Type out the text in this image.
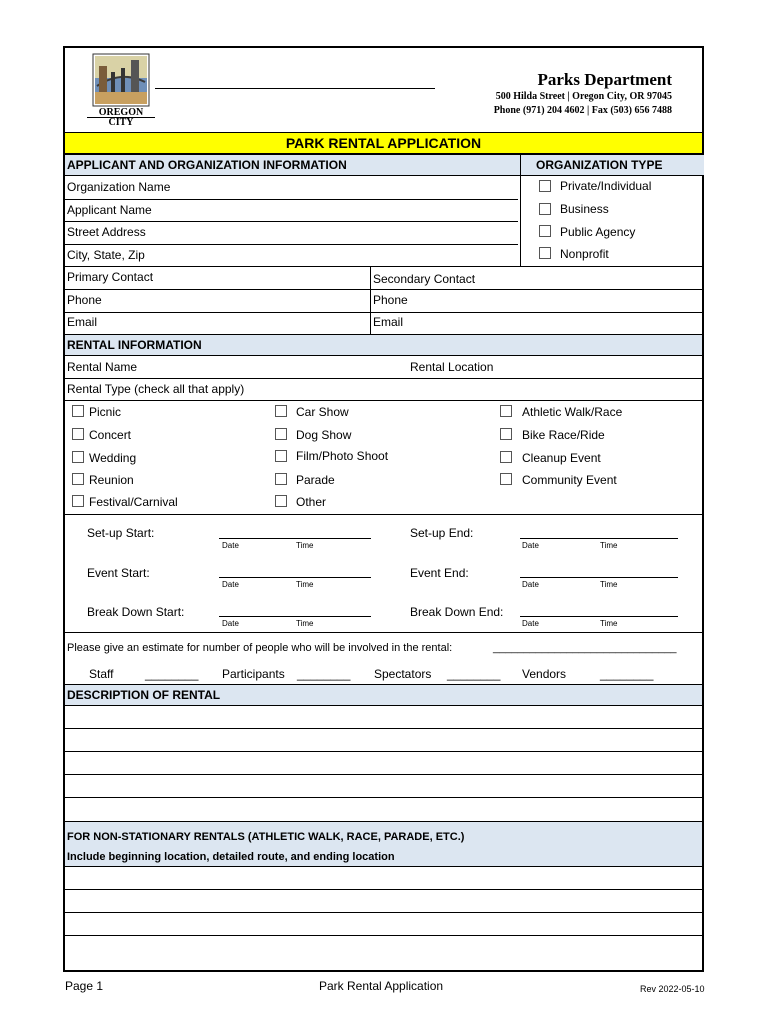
OREGON
CITY
Parks Department
500 Hilda Street | Oregon City, OR 97045
Phone (971) 204 4602 | Fax (503) 656 7488
PARK RENTAL APPLICATION
APPLICANT AND ORGANIZATION INFORMATION	ORGANIZATION TYPE
Organization Name
Applicant Name
Street Address
City, State, Zip
Private/Individual
Business
Public Agency
Nonprofit
Primary Contact	Secondary Contact
Phone	Phone
Email	Email
RENTAL INFORMATION
Rental Name	Rental Location
Rental Type (check all that apply)
Picnic
Concert
Wedding
Reunion
Festival/Carnival
Car Show
Dog Show
Film/Photo Shoot
Parade
Other
Athletic Walk/Race
Bike Race/Ride
Cleanup Event
Community Event
Set-up Start:
Date	Time
Set-up End:
Date	Time
Event Start:
Date	Time
Event End:
Date	Time
Break Down Start:
Date	Time
Break Down End:
Date	Time
Please give an estimate for number of people who will be involved in the rental:	______________________________
Staff	________ Participants ________ Spectators ________ Vendors	________
DESCRIPTION OF RENTAL
FOR NON-STATIONARY RENTALS (ATHLETIC WALK, RACE, PARADE, ETC.)
Include beginning location, detailed route, and ending location
Page 1	Park Rental Application	Rev 2022-05-10
